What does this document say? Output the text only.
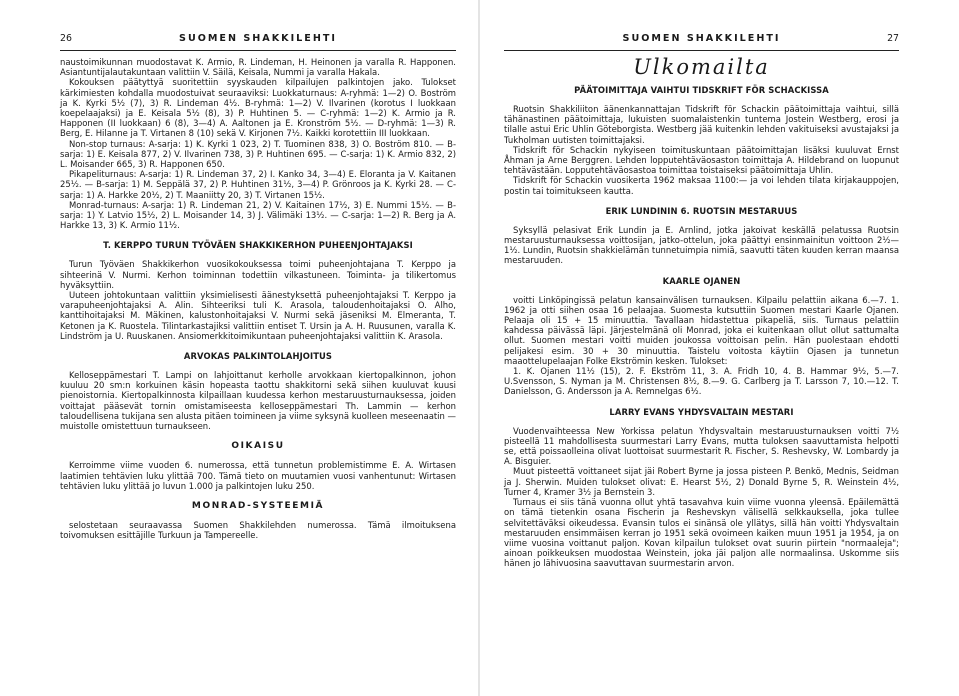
26	SUOMEN SHAKKILEHTI

naustoimikunnan muodostavat K. Armio, R. Lindeman, H. Heinonen ja varalla R. Happonen. Asiantuntijalautakuntaan valittiin V. Säilä, Keisala, Nummi ja varalla Hakala.

Kokouksen päätyttyä suoritettiin syyskauden kilpailujen palkintojen jako. Tulokset kärkimiesten kohdalla muodostuivat seuraaviksi: Luokkaturnaus: A-ryhmä: 1—2) O. Boström ja K. Kyrki 5½ (7), 3) R. Lindeman 4½. B-ryhmä: 1—2) V. Ilvarinen (korotus I luokkaan koepelaajaksi) ja E. Keisala 5½ (8), 3) P. Huhtinen 5. — C-ryhmä: 1—2) K. Armio ja R. Happonen (II luokkaan) 6 (8), 3—4) A. Aaltonen ja E. Kronström 5½. — D-ryhmä: 1—3) R. Berg, E. Hilanne ja T. Virtanen 8 (10) sekä V. Kirjonen 7½. Kaikki korotettiin III luokkaan.

Non-stop turnaus: A-sarja: 1) K. Kyrki 1 023, 2) T. Tuominen 838, 3) O. Boström 810. — B-sarja: 1) E. Keisala 877, 2) V. Ilvarinen 738, 3) P. Huhtinen 695. — C-sarja: 1) K. Armio 832, 2) L. Moisander 665, 3) R. Happonen 650.

Pikapeliturnaus: A-sarja: 1) R. Lindeman 37, 2) I. Kanko 34, 3—4) E. Eloranta ja V. Kaitanen 25½. — B-sarja: 1) M. Seppälä 37, 2) P. Huhtinen 31½, 3—4) P. Grönroos ja K. Kyrki 28. — C-sarja: 1) A. Harkke 20½, 2) T. Maaniitty 20, 3) T. Virtanen 15½.

Monrad-turnaus: A-sarja: 1) R. Lindeman 21, 2) V. Kaitainen 17½, 3) E. Nummi 15½. — B-sarja: 1) Y. Latvio 15½, 2) L. Moisander 14, 3) J. Välimäki 13½. — C-sarja: 1—2) R. Berg ja A. Harkke 13, 3) K. Armio 11½.

T. KERPPO TURUN TYÖVÄEN SHAKKIKERHON PUHEENJOHTAJAKSI

Turun Työväen Shakkikerhon vuosikokouksessa toimi puheenjohtajana T. Kerppo ja sihteerinä V. Nurmi. Kerhon toiminnan todettiin vilkastuneen. Toiminta- ja tilikertomus hyväksyttiin.

Uuteen johtokuntaan valittiin yksimielisesti äänestyksettä puheenjohtajaksi T. Kerppo ja varapuheenjohtajaksi A. Alin. Sihteeriksi tuli K. Arasola, taloudenhoitajaksi O. Alho, kanttihoitajaksi M. Mäkinen, kalustonhoitajaksi V. Nurmi sekä jäseniksi M. Elmeranta, T. Ketonen ja K. Ruostela. Tilintarkastajiksi valittiin entiset T. Ursin ja A. H. Ruusunen, varalla K. Lindström ja U. Ruuskanen. Ansiomerkkitoimikuntaan puheenjohtajaksi valittiin K. Arasola.

ARVOKAS PALKINTOLAHJOITUS

Kelloseppämestari T. Lampi on lahjoittanut kerholle arvokkaan kiertopalkinnon, johon kuuluu 20 sm:n korkuinen käsin hopeasta taottu shakkitorni sekä siihen kuuluvat kuusi pienoistornia. Kiertopalkinnosta kilpaillaan kuudessa kerhon mestaruusturnauksessa, joiden voittajat pääsevät tornin omistamiseesta kelloseppämestari Th. Lammin — kerhon taloudellisena tukijana sen alusta pitäen toimineen ja viime syksynä kuolleen meseenaatin — muistolle omistettuun turnaukseen.

OIKAISU

Kerroimme viime vuoden 6. numerossa, että tunnetun problemistimme E. A. Wirtasen laatimien tehtävien luku ylittää 700. Tämä tieto on muutamien vuosi vanhentunut: Wirtasen tehtävien luku ylittää jo luvun 1.000 ja palkintojen luku 250.

MONRAD-SYSTEEMIÄ

selostetaan seuraavassa Suomen Shakkilehden numerossa. Tämä ilmoituksena toivomuksen esittäjille Turkuun ja Tampereelle.

SUOMEN SHAKKILEHTI	27
Ulkomailta
PÄÄTOIMITTAJA VAIHTUI TIDSKRIFT FÖR SCHACKISSA

Ruotsin Shakkiliiton äänenkannattajan Tidskrift för Schackin päätoimittaja vaihtui, sillä tähänastinen päätoimittaja, lukuisten suomalaistenkin tuntema Jostein Westberg, erosi ja tilalle astui Eric Uhlin Göteborgista. Westberg jää kuitenkin lehden vakituiseksi avustajaksi ja Tukholman uutisten toimittajaksi.

Tidskrift för Schackin nykyiseen toimitusk​untaan päätoimittajan lisäksi kuuluvat Ernst Åhman ja Arne Berggren. Lehden lopputehtäväosaston toimittaja A. Hildebrand on luopunut tehtävästään. Lopputehtäväosastoa toimittaa toistaiseksi päätoimittaja Uhlin.

Tidskrift för Schackin vuosikerta 1962 maksaa 1100:— ja voi lehden tilata kirjakauppojen, postin tai toimitukseen kautta.

ERIK LUNDININ 6. RUOTSIN MESTARUUS

Syksyllä pelasivat Erik Lundin ja E. Arnlind, jotka jakoivat keskällä pelatussa Ruotsin mestaruusturnauksessa voittosijan, jatko-ottelun, joka päättyi ensinmainitun voittoon 2½—1½. Lundin, Ruotsin shakkielämän tunnetuimpia nimiä, saavutti täten kuuden kerran maansa mestaruuden.

KAARLE OJANEN

voitti Linköpingissä pelatun kansainvälisen turnauksen. Kilpailu pelattiin aikana 6.—7. 1. 1962 ja otti siihen osaa 16 pelaajaa. Suomesta kutsuttiin Suomen mestari Kaarle Ojanen. Pelaaja oli 15 + 15 minuuttia. Tavallaan hidastettua pikapeliä, siis. Turnaus pelattiin kahdessa päivässä läpi. Järjestelmänä oli Monrad, joka ei kuitenkaan ollut ollut sattumalta ollut. Suomen mestari voitti muiden joukossa voittoisan pelin. Hän puolestaan ehdotti pelijakesi esim. 30 + 30 minuuttia. Taistelu voitosta käytiin Ojasen ja tunnetun maaottelupelaajan Folke Ekströmin kesken. Tulokset:

1. K. Ojanen 11½ (15), 2. F. Ekström 11, 3. A. Fridh 10, 4. B. Hammar 9½, 5.—7. U.Svensson, S. Nyman ja M. Christensen 8½, 8.—9. G. Carlberg ja T. Larsson 7, 10.—12. T. Danielsson, G. Andersson ja A. Remnelgas 6½.

LARRY EVANS YHDYSVALTAIN MESTARI

Vuodenvaihteessa New Yorkissa pelatun Yhdysvaltain mestaruusturnauksen voitti 7½ pisteellä 11 mahdollisesta suurmestari Larry Evans, mutta tuloksen saavuttamista helpotti se, että poissaolleina olivat luottoisat suurmestarit R. Fischer, S. Reshevsky, W. Lombardy ja A. Bisguier.

Muut pisteettä voittaneet sijat jäi Robert Byrne ja jossa pisteen P. Benkö, Mednis, Seidman ja J. Sherwin. Muiden tulokset olivat: E. Hearst 5½, 2) Donald Byrne 5, R. Weinstein 4½, Turner 4, Kramer 3½ ja Bernstein 3.

Turnaus ei siis tänä vuonna ollut yhtä tasavahva kuin viime vuonna yleensä. Epäilemättä on tämä tietenkin osana Fischerin ja Reshevskyn välisellä selkkauksella, joka tullee selvitettäväksi oikeudessa. Evansin tulos ei sinänsä ole yllätys, sillä hän voitti Yhdysvaltain mestaruuden ensimmäisen kerran jo 1951 sekä ovoimeen kaiken muun 1951 ja 1954, ja on viime vuosina voittanut paljon. Kovan kilpailun tulokset ovat suurin piirtein "normaaleja"; ainoan poikkeuksen muodostaa Weinstein, joka jäi paljon alle normaalinsa. Uskomme siis hänen jo lähivuosina saavuttavan suurmestarin arvon.
